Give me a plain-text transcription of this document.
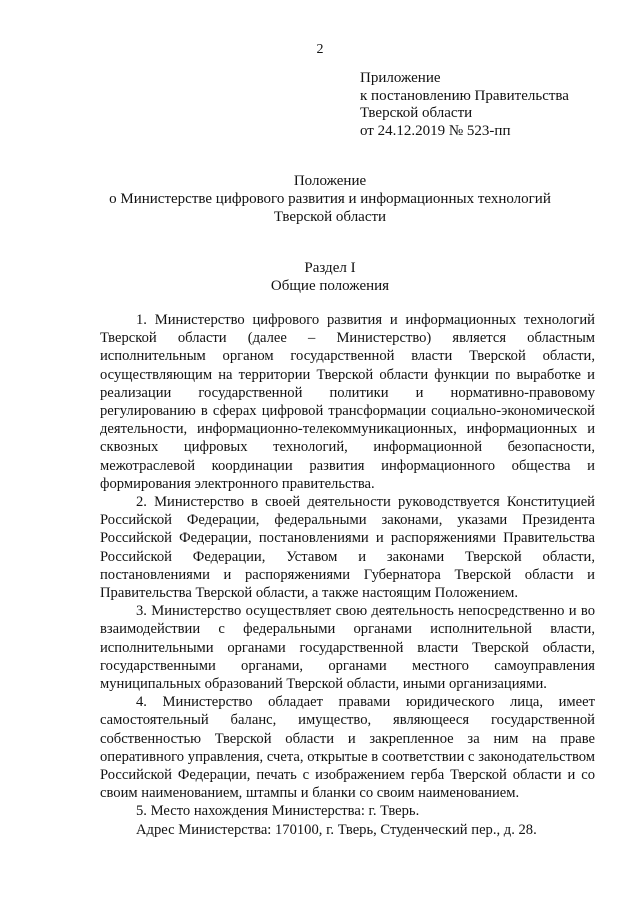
2
Приложение
к постановлению Правительства
Тверской области
от 24.12.2019 № 523-пп
Положение
о Министерстве цифрового развития и информационных технологий
Тверской области
Раздел I
Общие положения

1. Министерство цифрового развития и информационных технологий Тверской области (далее – Министерство) является областным исполнительным органом государственной власти Тверской области, осуществляющим на территории Тверской области функции по выработке и реализации государственной политики и нормативно-правовому регулированию в сферах цифровой трансформации социально-экономической деятельности, информационно-телекоммуникационных, информационных и сквозных цифровых технологий, информационной безопасности, межотраслевой координации развития информационного общества и формирования электронного правительства.

2. Министерство в своей деятельности руководствуется Конституцией Российской Федерации, федеральными законами, указами Президента Российской Федерации, постановлениями и распоряжениями Правительства Российской Федерации, Уставом и законами Тверской области, постановлениями и распоряжениями Губернатора Тверской области и Правительства Тверской области, а также настоящим Положением.

3. Министерство осуществляет свою деятельность непосредственно и во взаимодействии с федеральными органами исполнительной власти, исполнительными органами государственной власти Тверской области, государственными органами, органами местного самоуправления муниципальных образований Тверской области, иными организациями.

4. Министерство обладает правами юридического лица, имеет самостоятельный баланс, имущество, являющееся государственной собственностью Тверской области и закрепленное за ним на праве оперативного управления, счета, открытые в соответствии с законодательством Российской Федерации, печать с изображением герба Тверской области и со своим наименованием, штампы и бланки со своим наименованием.

5. Место нахождения Министерства: г. Тверь.

Адрес Министерства: 170100, г. Тверь, Студенческий пер., д. 28.
